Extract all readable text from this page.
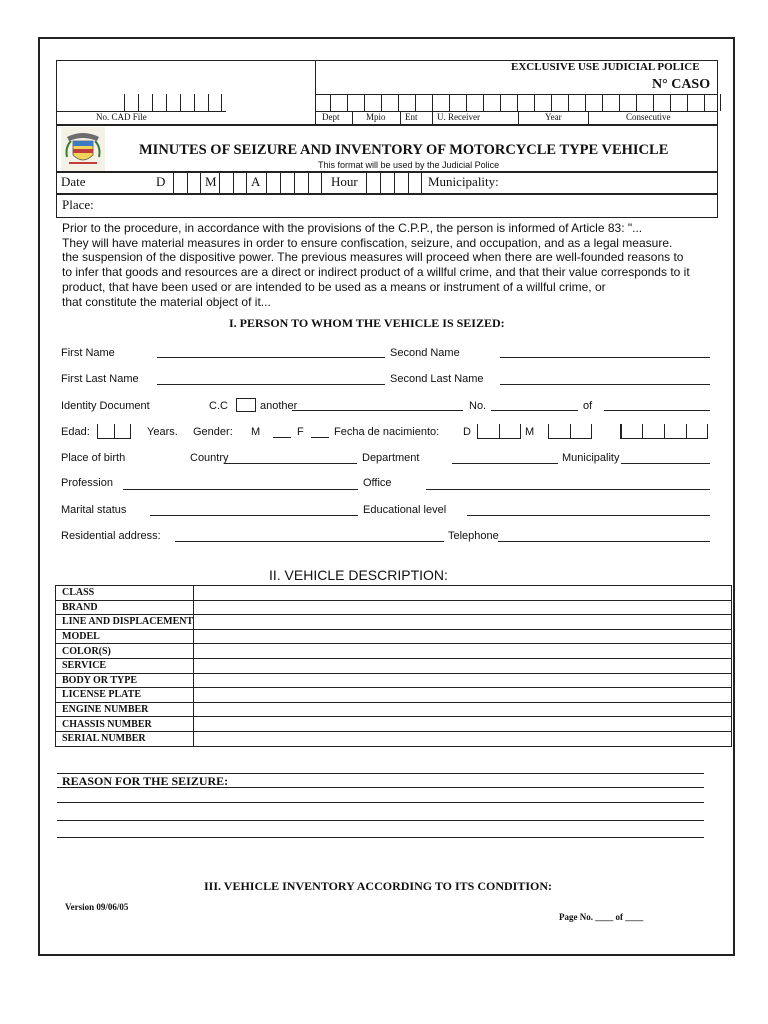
EXCLUSIVE USE JUDICIAL POLICE
N° CASO
No. CAD File	Dept	Mpio Ent U. Receiver	Year	Consecutive
MINUTES OF SEIZURE AND INVENTORY OF MOTORCYCLE TYPE VEHICLE
This format will be used by the Judicial Police
Date	D	M	A	Hour	Municipality:
Place:
Prior to the procedure, in accordance with the provisions of the C.P.P., the person is informed of Article 83: "...
They will have material measures in order to ensure confiscation, seizure, and occupation, and as a legal measure.
the suspension of the dispositive power. The previous measures will proceed when there are well-founded reasons to
to infer that goods and resources are a direct or indirect product of a willful crime, and that their value corresponds to it
product, that have been used or are intended to be used as a means or instrument of a willful crime, or
that constitute the material object of it...
I. PERSON TO WHOM THE VEHICLE IS SEIZED:
First Name	Second Name
First Last Name	Second Last Name
Identity Document	C.C	another	No.	of
Edad:	Years. Gender: M	F	Fecha de nacimiento: D	M
Place of birth	Country	Department	Municipality
Profession	Office
Marital status	Educational level
Residential address:	Telephone
II. VEHICLE DESCRIPTION:
CLASS	
BRAND	
LINE AND DISPLACEMENT	
MODEL	
COLOR(S)	
SERVICE	
BODY OR TYPE	
LICENSE PLATE	
ENGINE NUMBER	
CHASSIS NUMBER	
SERIAL NUMBER	
REASON FOR THE SEIZURE:
III. VEHICLE INVENTORY ACCORDING TO ITS CONDITION:
Version 09/06/05
Page No. ____ of ____
